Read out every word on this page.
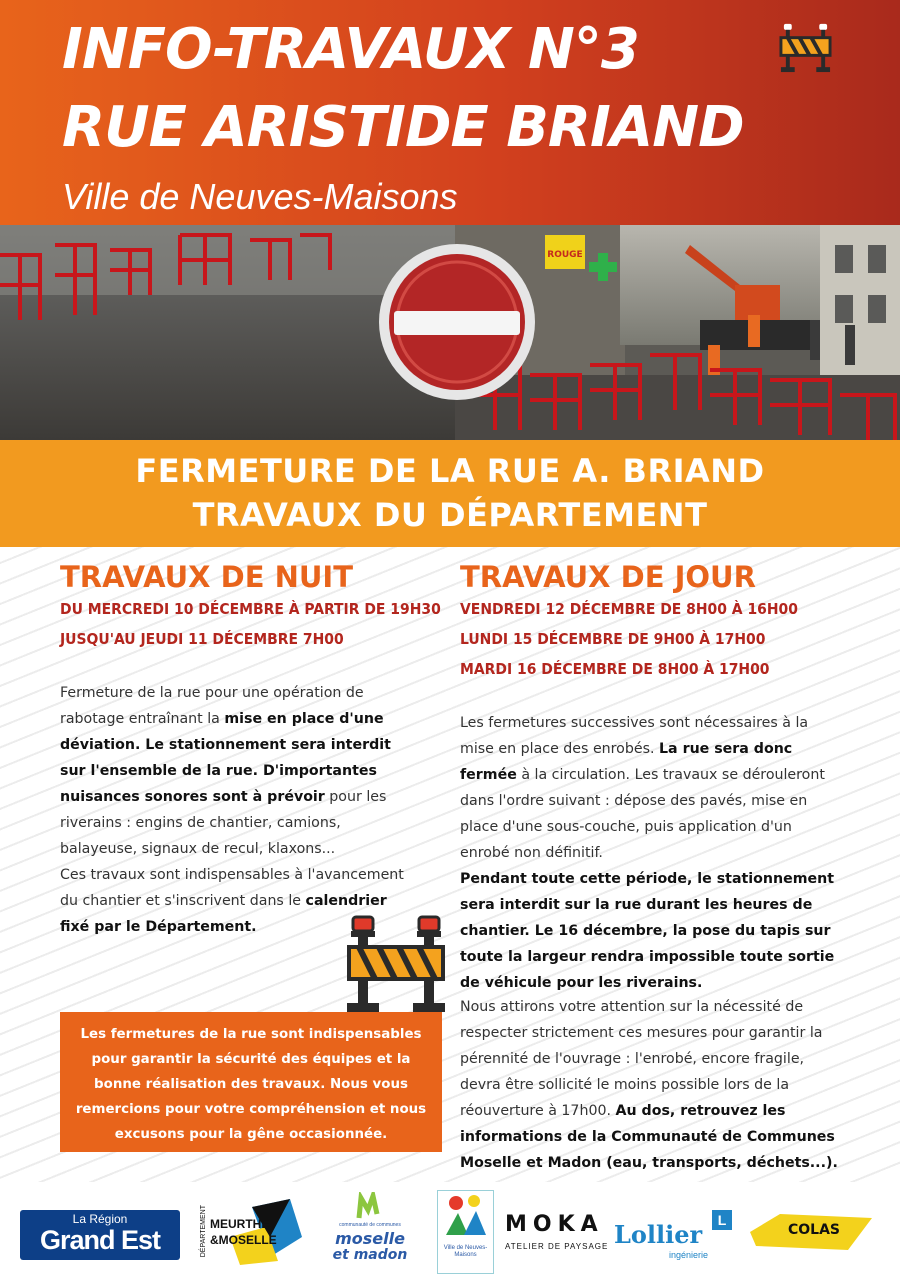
INFO-TRAVAUX N°3
RUE ARISTIDE BRIAND
Ville de Neuves-Maisons
ROUGE
FERMETURE DE LA RUE A. BRIAND
TRAVAUX DU DÉPARTEMENT
TRAVAUX DE NUIT
DU MERCREDI 10 DÉCEMBRE À PARTIR DE 19H30
JUSQU'AU JEUDI 11 DÉCEMBRE 7H00
Fermeture de la rue pour une opération de rabotage entraînant la mise en place d'une déviation. Le stationnement sera interdit sur l'ensemble de la rue. D'importantes nuisances sonores sont à prévoir pour les riverains : engins de chantier, camions, balayeuse, signaux de recul, klaxons...
Ces travaux sont indispensables à l'avancement du chantier et s'inscrivent dans le calendrier fixé par le Département.
Les fermetures de la rue sont indispensables pour garantir la sécurité des équipes et la bonne réalisation des travaux. Nous vous remercions pour votre compréhension et nous excusons pour la gêne occasionnée.
TRAVAUX DE JOUR
VENDREDI 12 DÉCEMBRE DE 8H00 À 16H00
LUNDI 15 DÉCEMBRE DE 9H00 À 17H00
MARDI 16 DÉCEMBRE DE 8H00 À 17H00
Les fermetures successives sont nécessaires à la mise en place des enrobés. La rue sera donc fermée à la circulation. Les travaux se dérouleront dans l'ordre suivant : dépose des pavés, mise en place d'une sous-couche, puis application d'un enrobé non définitif.
Pendant toute cette période, le stationnement sera interdit sur la rue durant les heures de chantier. Le 16 décembre, la pose du tapis sur toute la largeur rendra impossible toute sortie de véhicule pour les riverains.
Nous attirons votre attention sur la nécessité de respecter strictement ces mesures pour garantir la pérennité de l'ouvrage : l'enrobé, encore fragile, devra être sollicité le moins possible lors de la réouverture à 17h00. Au dos, retrouvez les informations de la Communauté de Communes Moselle et Madon (eau, transports, déchets...).
La Région
Grand Est	DÉPARTEMENT MEURTHE
&MOSELLE
communauté de communes
moselle
et madon	Ville de Neuves-Maisons
MOKA
ATELIER DE PAYSAGE Lollier	L
ingénierie
COLAS
